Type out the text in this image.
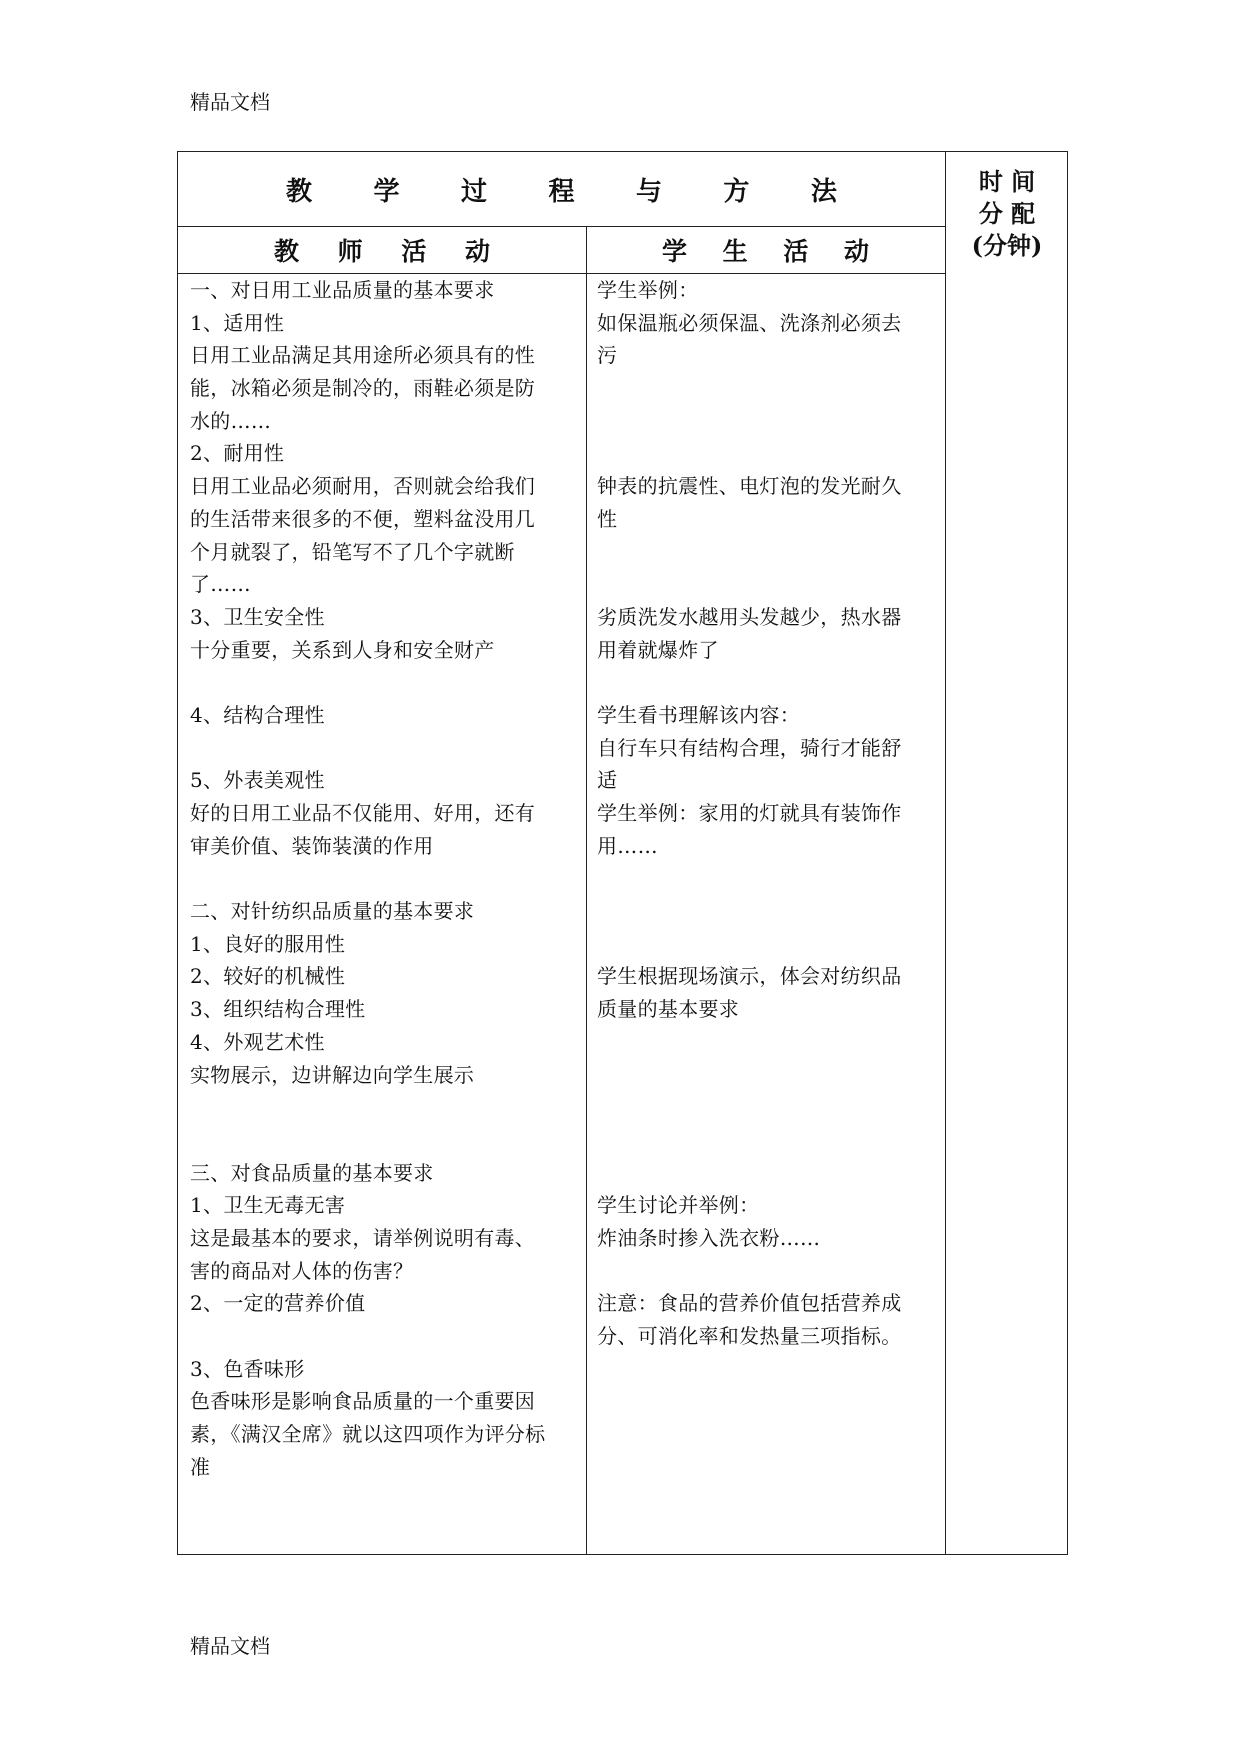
精品文档
教 学 过 程 与 方 法	时 间
分 配
(分钟)
教 师 活 动	学 生 活 动
一、对日用工业品质量的基本要求
1、适用性
日用工业品满足其用途所必须具有的性
能，冰箱必须是制冷的，雨鞋必须是防
水的……
2、耐用性
日用工业品必须耐用，否则就会给我们
的生活带来很多的不便，塑料盆没用几
个月就裂了，铅笔写不了几个字就断
了……
3、卫生安全性
十分重要，关系到人身和安全财产
4、结构合理性
5、外表美观性
好的日用工业品不仅能用、好用，还有
审美价值、装饰装潢的作用
二、对针纺织品质量的基本要求
1、良好的服用性
2、较好的机械性
3、组织结构合理性
4、外观艺术性
实物展示，边讲解边向学生展示
三、对食品质量的基本要求
1、卫生无毒无害
这是最基本的要求，请举例说明有毒、
害的商品对人体的伤害？
2、一定的营养价值
3、色香味形
色香味形是影响食品质量的一个重要因
素，《满汉全席》就以这四项作为评分标
准
学生举例：
如保温瓶必须保温、洗涤剂必须去
污
钟表的抗震性、电灯泡的发光耐久
性
劣质洗发水越用头发越少，热水器
用着就爆炸了
学生看书理解该内容：
自行车只有结构合理，骑行才能舒
适
学生举例：家用的灯就具有装饰作
用……
学生根据现场演示，体会对纺织品
质量的基本要求
学生讨论并举例：
炸油条时掺入洗衣粉……
注意：食品的营养价值包括营养成
分、可消化率和发热量三项指标。
精品文档
